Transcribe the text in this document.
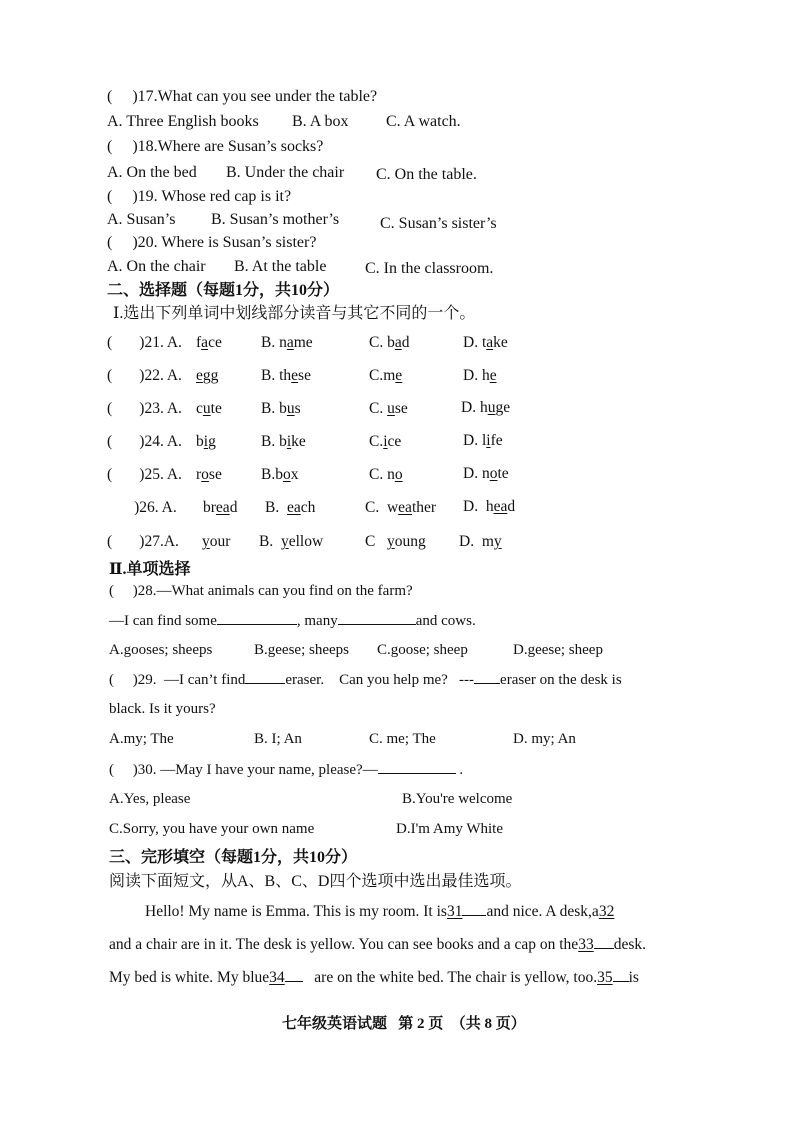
(     )17.What can you see under the table?
A. Three English books B. A box C. A watch.
(     )18.Where are Susan’s socks?
A. On the bed B. Under the chair C. On the table.
(     )19. Whose red cap is it?
A. Susan’s B. Susan’s mother’s	C. Susan’s sister’s
(     )20. Where is Susan’s sister?
A. On the chair B. At the table C. In the classroom.
二、选择题（每题1分，共10分）
Ⅰ.选出下列单词中划线部分读音与其它不同的一个。
(       )21. A. face	B. name	C. bad	D. take
(       )22. A. egg	B. these	C.me	D. he
(       )23. A. cute	B. bus	C. use	D. huge
(       )24. A. big	B. bike	C.ice	D. life
(       )25. A. rose	B.box	C. no	D. note
)26. A. bread B.  each	C.  weather D.  head
(       )27.A. your B.  yellow	C   young D.  my
Ⅱ.单项选择
(     )28.—What animals can you find on the farm?
—I can find some	, many	and cows.
A.gooses; sheeps	B.geese; sheeps C.goose; sheep	D.geese; sheep
(     )29.  —I can’t find	eraser.    Can you help me?   --- eraser on the desk is
black. Is it yours?
A.my; The	B. I; An	C. me; The	D. my; An
(     )30. —May I have your name, please?—	.
A.Yes, please	B.You're welcome
C.Sorry, you have your own name	D.I'm Amy White
三、完形填空（每题1分，共10分）
阅读下面短文，从A、B、C、D四个选项中选出最佳选项。
Hello! My name is Emma. This is my room. It is31 and nice. A desk,a32
and a chair are in it. The desk is yellow. You can see books and a cap on the33 desk.
My bed is white. My blue34 are on the white bed. The chair is yellow, too.35 is
七年级英语试题   第 2 页  （共 8 页）
